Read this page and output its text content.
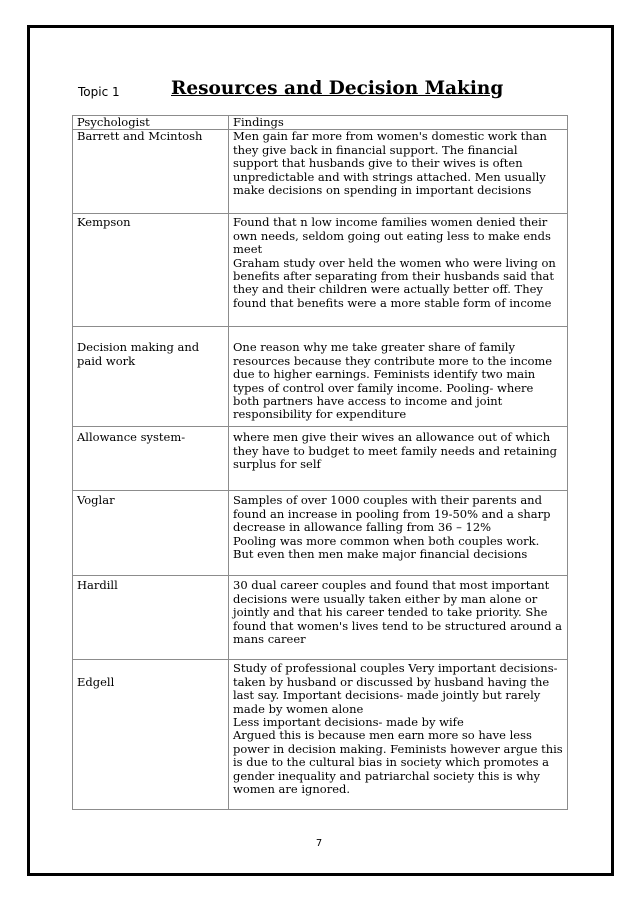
Topic 1	Resources and Decision Making
Psychologist	Findings
Barrett and Mcintosh	Men gain far more from women's domestic work than they give back in financial support. The financial support that husbands give to their wives is often unpredictable and with strings attached. Men usually make decisions on spending in important decisions
Kempson	Found that n low income families women denied their own needs, seldom going out eating less to make ends meet
Graham study over held the women who were living on benefits after separating from their husbands said that they and their children were actually better off. They found that benefits were a more stable form of income
Decision making and paid work	One reason why me take greater share of family resources because they contribute more to the income due to higher earnings. Feminists identify two main types of control over family income. Pooling- where both partners have access to income and joint responsibility for expenditure
Allowance system-	where men give their wives an allowance out of which they have to budget to meet family needs and retaining surplus for self
Voglar	Samples of over 1000 couples with their parents and found an increase in pooling from 19-50% and a sharp decrease in allowance falling from 36 – 12%
Pooling was more common when both couples work. But even then men make major financial decisions
Hardill	30 dual career couples and found that most important decisions were usually taken either by man alone or jointly and that his career tended to take priority. She found that women's lives tend to be structured around a mans career
Edgell	Study of professional couples Very important decisions- taken by husband or discussed by husband having the last say. Important decisions- made jointly but rarely made by women alone
Less important decisions- made by wife
Argued this is because men earn more so have less power in decision making. Feminists however argue this is due to the cultural bias in society which promotes a gender inequality and patriarchal society this is why women are ignored.
7
